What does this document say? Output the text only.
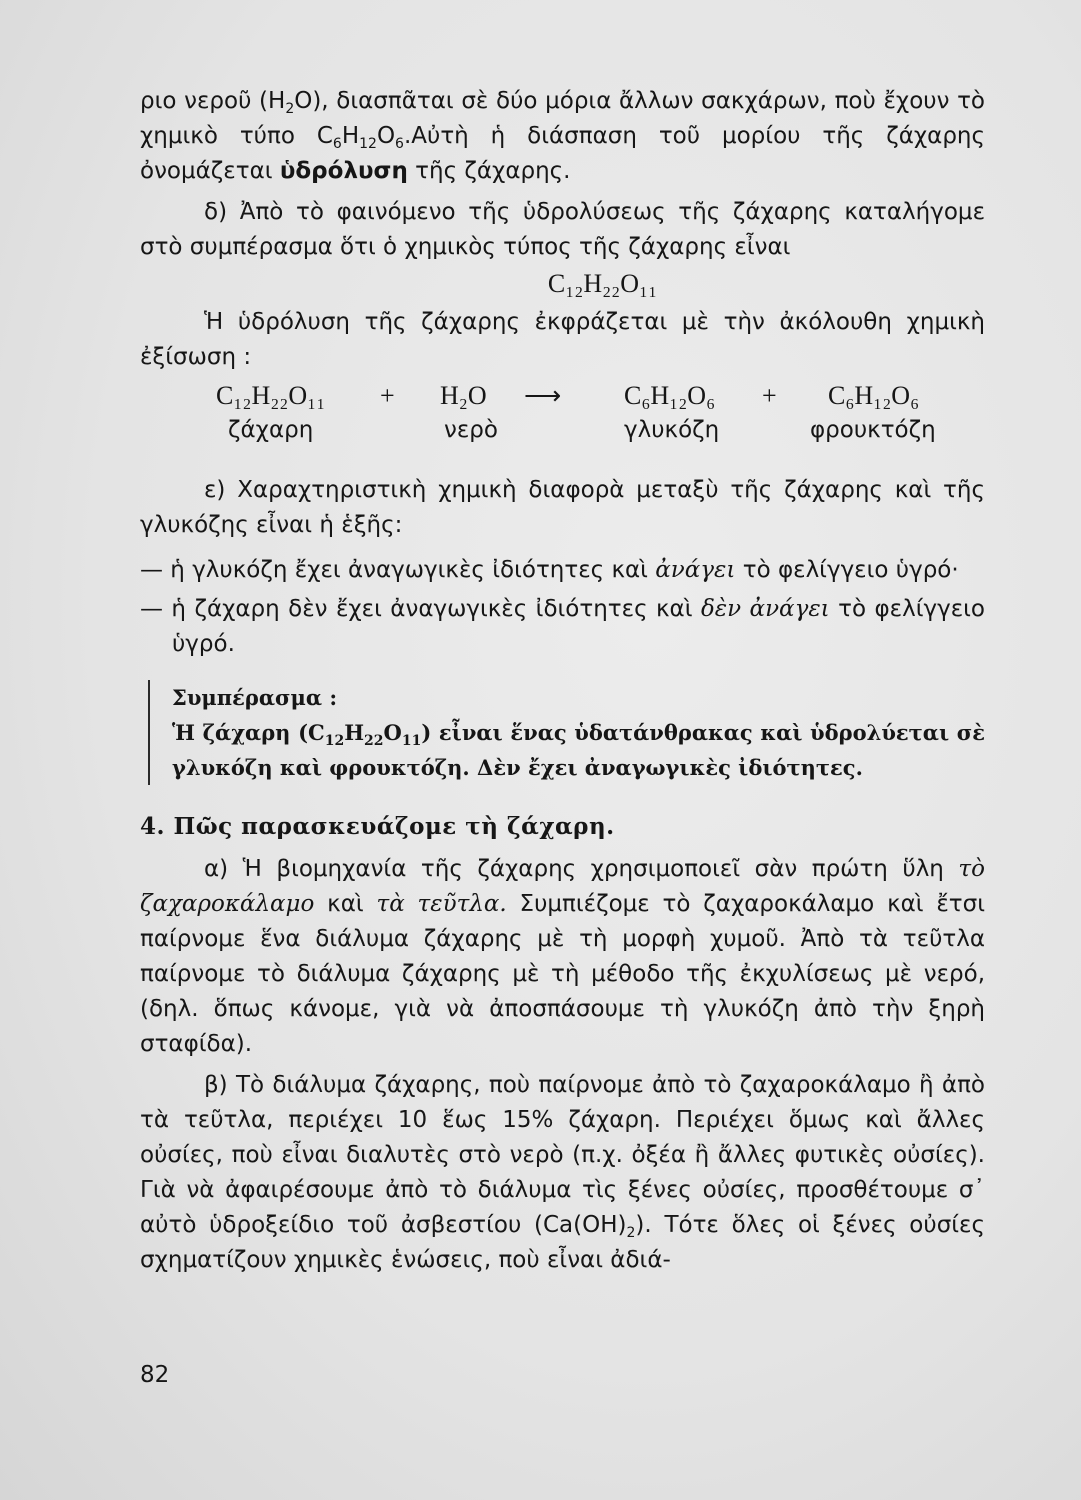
ριο νεροῦ $(H_2O)$, διασπᾶται σὲ δύο μόρια ἄλλων σακχάρων, ποὺ ἔχουν τὸ χημικὸ τύπο $C_6H_{12}O_6.Aὐ\tau ὴ$ ἡ διάσπαση τοῦ μορίου τῆς ζάχαρης ὀνομάζεται ὑδρόλυση τῆς ζάχαρης.

δ) Ἀπὸ τὸ φαινόμενο τῆς ὑδρολύσεως τῆς ζάχαρης καταλήγομε στὸ συμπέρασμα ὅτι ὁ χημικὸς τύπος τῆς ζάχαρης εἶναι

C₁₂H₂₂O₁₁

Ἡ ὑδρόλυση τῆς ζάχαρης ἐκφράζεται μὲ τὴν ἀκόλουθη χημικὴ ἐξίσωση :

C₁₂H₂₂O₁₁ + H₂O ⟶ C₆H₁₂O₆ + C₆H₁₂O₆
ζάχαρη	νερὸ	γλυκόζη	φρουκτόζη

ε) Χαραχτηριστικὴ χημικὴ διαφορὰ μεταξὺ τῆς ζάχαρης καὶ τῆς γλυκόζης εἶναι ἡ ἑξῆς:

— ἡ γλυκόζη ἔχει ἀναγωγικὲς ἰδιότητες καὶ ἀνάγει τὸ φελίγγειο ὑγρό·

— ἡ ζάχαρη δὲν ἔχει ἀναγωγικὲς ἰδιότητες καὶ δὲν ἀνάγει τὸ φελίγγειο ὑγρό.

Συμπέρασμα :

Ἡ ζάχαρη $(C_{12}H_{22}O_{11})$ εἶναι ἕνας ὑδατάνθρακας καὶ ὑδρολύεται σὲ γλυκόζη καὶ φρουκτόζη. Δὲν ἔχει ἀναγωγικὲς ἰδιότητες.

4. Πῶς παρασκευάζομε τὴ ζάχαρη.

α) Ἡ βιομηχανία τῆς ζάχαρης χρησιμοποιεῖ σὰν πρώτη ὕλη τὸ ζαχαροκάλαμο καὶ τὰ τεῦτλα. Συμπιέζομε τὸ ζαχαροκάλαμο καὶ ἔτσι παίρνομε ἕνα διάλυμα ζάχαρης μὲ τὴ μορφὴ χυμοῦ. Ἀπὸ τὰ τεῦτλα παίρνομε τὸ διάλυμα ζάχαρης μὲ τὴ μέθοδο τῆς ἐκχυλίσεως μὲ νερό, (δηλ. ὅπως κάνομε, γιὰ νὰ ἀποσπάσουμε τὴ γλυκόζη ἀπὸ τὴν ξηρὴ σταφίδα).

β) Τὸ διάλυμα ζάχαρης, ποὺ παίρνομε ἀπὸ τὸ ζαχαροκάλαμο ἢ ἀπὸ τὰ τεῦτλα, περιέχει 10 ἕως 15% ζάχαρη. Περιέχει ὅμως καὶ ἄλλες οὐσίες, ποὺ εἶναι διαλυτὲς στὸ νερὸ (π.χ. ὀξέα ἢ ἄλλες φυτικὲς οὐσίες). Γιὰ νὰ ἀφαιρέσουμε ἀπὸ τὸ διάλυμα τὶς ξένες οὐσίες, προσθέτουμε σ᾿ αὐτὸ ὑδροξείδιο τοῦ ἀσβεστίου $(Ca(OH)_2)$. Τότε ὅλες οἱ ξένες οὐσίες σχηματίζουν χημικὲς ἑνώσεις, ποὺ εἶναι ἀδιά-

82
